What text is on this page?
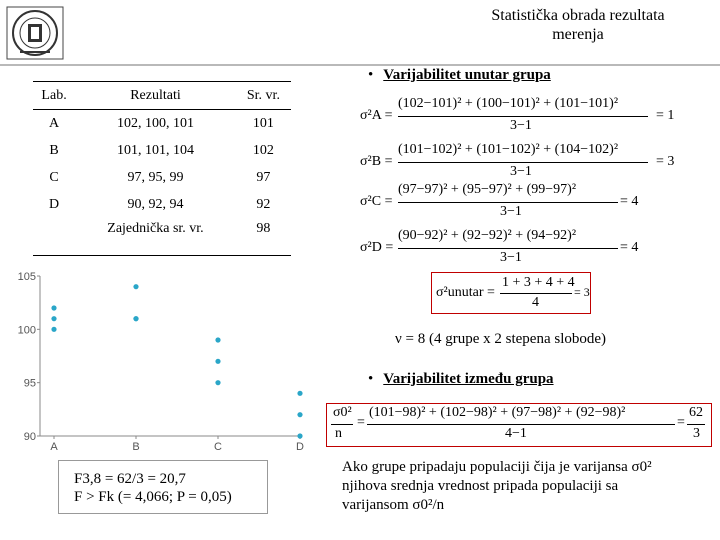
Statistička obrada rezultata
merenja
Lab.	Rezultati	Sr. vr.
A	102, 100, 101	101
B	101, 101, 104	102
C	97, 95, 99	97
D	90, 92, 94	92
	Zajednička sr. vr.	98
• Varijabilitet unutar grupa
σ²A =
(102−101)² + (100−101)² + (101−101)²
3−1
= 1
σ²B =
(101−102)² + (101−102)² + (104−102)²
3−1
= 3
σ²C =
(97−97)² + (95−97)² + (99−97)²
3−1
= 4
σ²D =
(90−92)² + (92−92)² + (94−92)²
3−1
= 4
σ²unutar =
1 + 3 + 4 + 4
4
= 3
ν = 8 (4 grupe x 2 stepena slobode)
• Varijabilitet između grupa
σ0²
n
=
(101−98)² + (102−98)² + (97−98)² + (92−98)²
4−1
=
62
3
105
100
95
90
A	B	C	D
F3,8 = 62/3 = 20,7
F > Fk (= 4,066; P = 0,05)
Ako grupe pripadaju populaciji čija je varijansa σ0²
njihova srednja vrednost pripada populaciji sa
varijansom σ0²/n
